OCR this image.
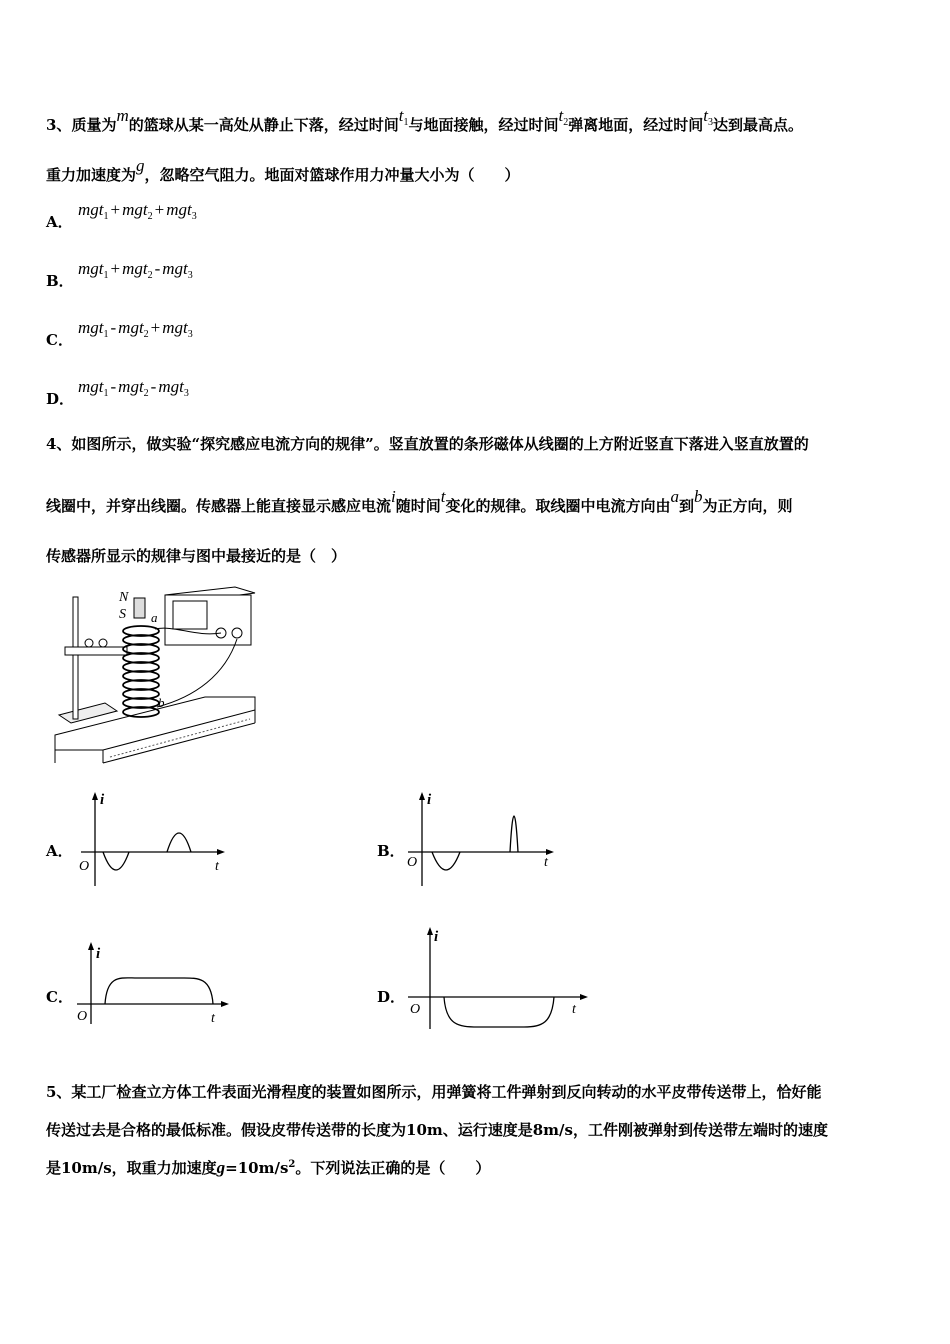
3、质量为m的篮球从某一高处从静止下落，经过时间$t_1$与地面接触，经过时间$t_2$弹离地面，经过时间$t_3$达到最高点。
重力加速度为g，忽略空气阻力。地面对篮球作用力冲量大小为（　　）
A．
mgt$_1$ + mgt$_2$ + mgt$_3$
B．
mgt$_1$ + mgt$_2$ - mgt$_3$
C．
mgt$_1$ - mgt$_2$ + mgt$_3$
D．
mgt$_1$ - mgt$_2$ - mgt$_3$
4、如图所示，做实验“探究感应电流方向的规律”。竖直放置的条形磁体从线圈的上方附近竖直下落进入竖直放置的
线圈中，并穿出线圈。传感器上能直接显示感应电流i随时间t变化的规律。取线圈中电流方向由a到b为正方向，则
传感器所显示的规律与图中最接近的是（　）
N
S a
b
A．
i
O	t
B．
i
O	t
C．
i
O	t
D．
i
O	t
5、某工厂检查立方体工件表面光滑程度的装置如图所示，用弹簧将工件弹射到反向转动的水平皮带传送带上，恰好能
传送过去是合格的最低标准。假设皮带传送带的长度为10m、运行速度是8m/s，工件刚被弹射到传送带左端时的速度
是10m/s，取重力加速度$g=10m/s^2$。下列说法正确的是（　　）
